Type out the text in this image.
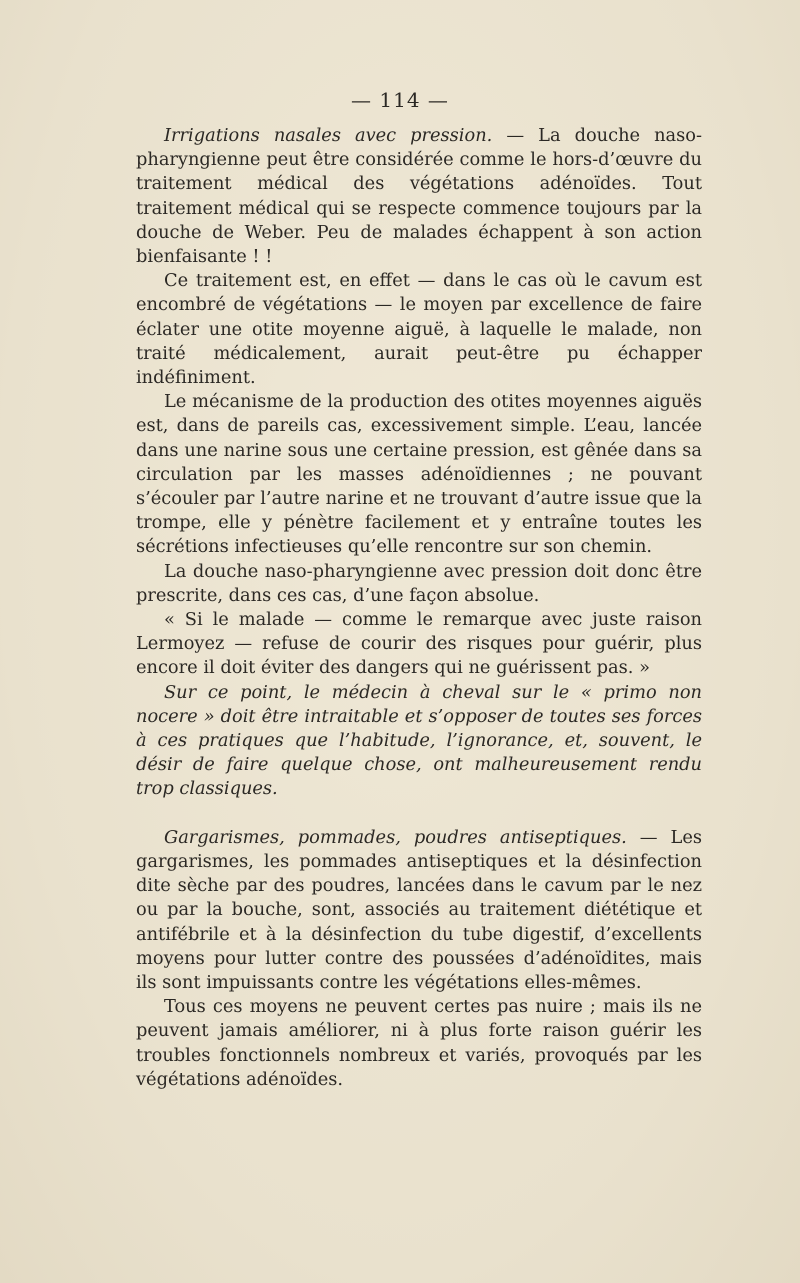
— 114 —

Irrigations nasales avec pression. — La douche naso-pharyngienne peut être considérée comme le hors-d’œuvre du traitement médical des végétations adénoïdes. Tout traitement médical qui se respecte commence toujours par la douche de Weber. Peu de malades échappent à son action bienfaisante ! !

Ce traitement est, en effet — dans le cas où le cavum est encombré de végétations — le moyen par excellence de faire éclater une otite moyenne aiguë, à laquelle le malade, non traité médicalement, aurait peut-être pu échapper indéfiniment.

Le mécanisme de la production des otites moyennes aiguës est, dans de pareils cas, excessivement simple. L’eau, lancée dans une narine sous une certaine pression, est gênée dans sa circulation par les masses adénoïdiennes ; ne pouvant s’écouler par l’autre narine et ne trouvant d’autre issue que la trompe, elle y pénètre facilement et y entraîne toutes les sécrétions infectieuses qu’elle rencontre sur son chemin.

La douche naso-pharyngienne avec pression doit donc être prescrite, dans ces cas, d’une façon absolue.

« Si le malade — comme le remarque avec juste raison Lermoyez — refuse de courir des risques pour guérir, plus encore il doit éviter des dangers qui ne guérissent pas. »

Sur ce point, le médecin à cheval sur le « primo non nocere » doit être intraitable et s’opposer de toutes ses forces à ces pratiques que l’habitude, l’ignorance, et, souvent, le désir de faire quelque chose, ont malheureusement rendu trop classiques.

Gargarismes, pommades, poudres antiseptiques. — Les gargarismes, les pommades antiseptiques et la désinfection dite sèche par des poudres, lancées dans le cavum par le nez ou par la bouche, sont, associés au traitement diététique et antifébrile et à la désinfection du tube digestif, d’excellents moyens pour lutter contre des poussées d’adénoïdites, mais ils sont impuissants contre les végétations elles-mêmes.

Tous ces moyens ne peuvent certes pas nuire ; mais ils ne peuvent jamais améliorer, ni à plus forte raison guérir les troubles fonctionnels nombreux et variés, provoqués par les végétations adénoïdes.
